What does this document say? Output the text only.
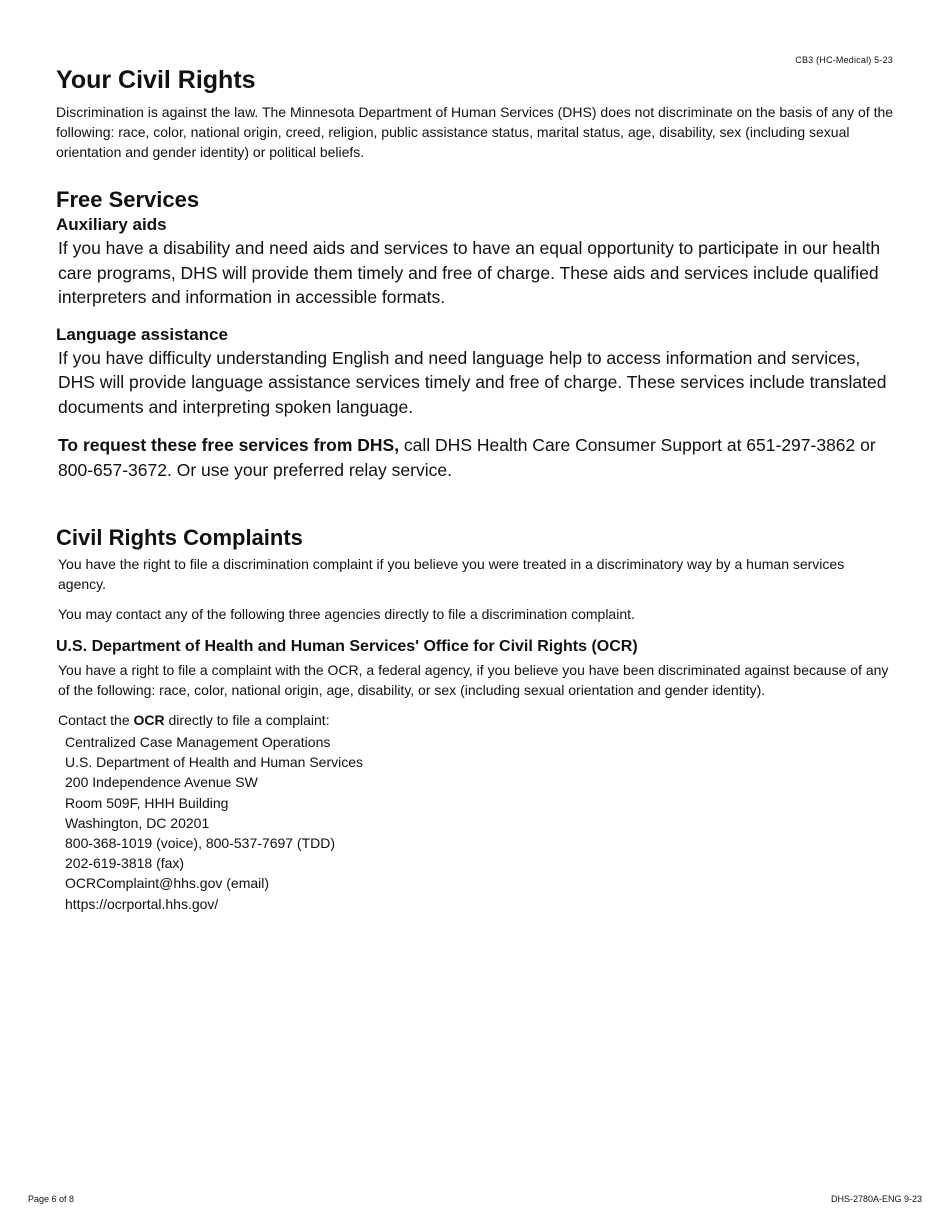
CB3 (HC-Medical) 5-23
Your Civil Rights

Discrimination is against the law. The Minnesota Department of Human Services (DHS) does not discriminate on the basis of any of the following: race, color, national origin, creed, religion, public assistance status, marital status, age, disability, sex (including sexual orientation and gender identity) or political beliefs.

Free Services
Auxiliary aids

If you have a disability and need aids and services to have an equal opportunity to participate in our health care programs, DHS will provide them timely and free of charge. These aids and services include qualified interpreters and information in accessible formats.

Language assistance

If you have difficulty understanding English and need language help to access information and services, DHS will provide language assistance services timely and free of charge. These services include translated documents and interpreting spoken language.

To request these free services from DHS, call DHS Health Care Consumer Support at 651-297-3862 or 800-657-3672. Or use your preferred relay service.

Civil Rights Complaints

You have the right to file a discrimination complaint if you believe you were treated in a discriminatory way by a human services agency.

You may contact any of the following three agencies directly to file a discrimination complaint.

U.S. Department of Health and Human Services' Office for Civil Rights (OCR)

You have a right to file a complaint with the OCR, a federal agency, if you believe you have been discriminated against because of any of the following: race, color, national origin, age, disability, or sex (including sexual orientation and gender identity).

Contact the OCR directly to file a complaint:

Centralized Case Management Operations
U.S. Department of Health and Human Services
200 Independence Avenue SW
Room 509F, HHH Building
Washington, DC 20201
800-368-1019 (voice), 800-537-7697 (TDD)
202-619-3818 (fax)
OCRComplaint@hhs.gov (email)
https://ocrportal.hhs.gov/
Page 6 of 8	DHS-2780A-ENG 9-23
